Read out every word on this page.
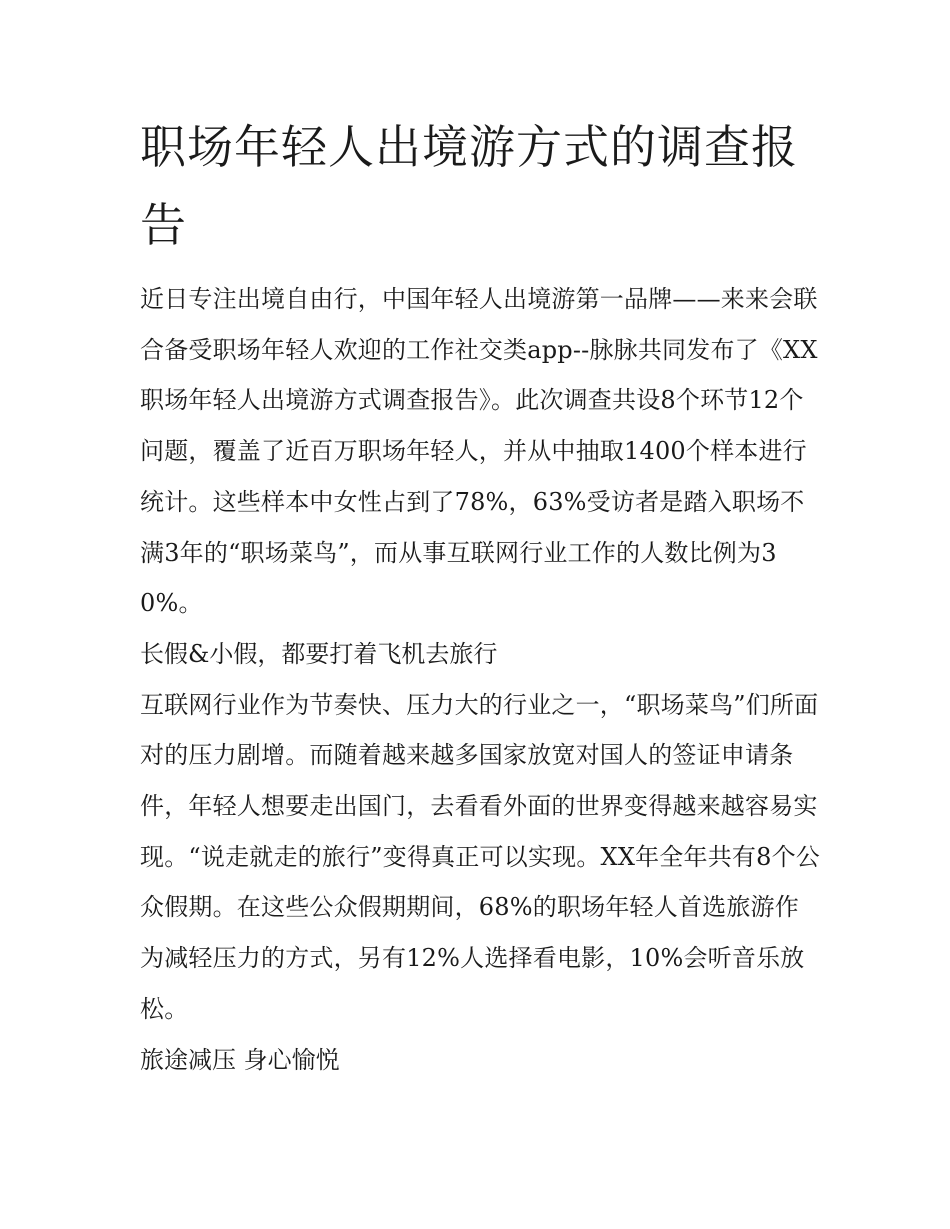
职场年轻人出境游方式的调查报告

近日专注出境自由行，中国年轻人出境游第一品牌——来来会联合备受职场年轻人欢迎的工作社交类app--脉脉共同发布了《XX职场年轻人出境游方式调查报告》。此次调查共设8个环节12个问题，覆盖了近百万职场年轻人，并从中抽取1400个样本进行统计。这些样本中女性占到了78%，63%受访者是踏入职场不满3年的“职场菜鸟”，而从事互联网行业工作的人数比例为30%。

长假&小假，都要打着飞机去旅行

互联网行业作为节奏快、压力大的行业之一，“职场菜鸟”们所面对的压力剧增。而随着越来越多国家放宽对国人的签证申请条件，年轻人想要走出国门，去看看外面的世界变得越来越容易实现。“说走就走的旅行”变得真正可以实现。XX年全年共有8个公众假期。在这些公众假期期间，68%的职场年轻人首选旅游作为减轻压力的方式，另有12%人选择看电影，10%会听音乐放松。

旅途减压 身心愉悦
